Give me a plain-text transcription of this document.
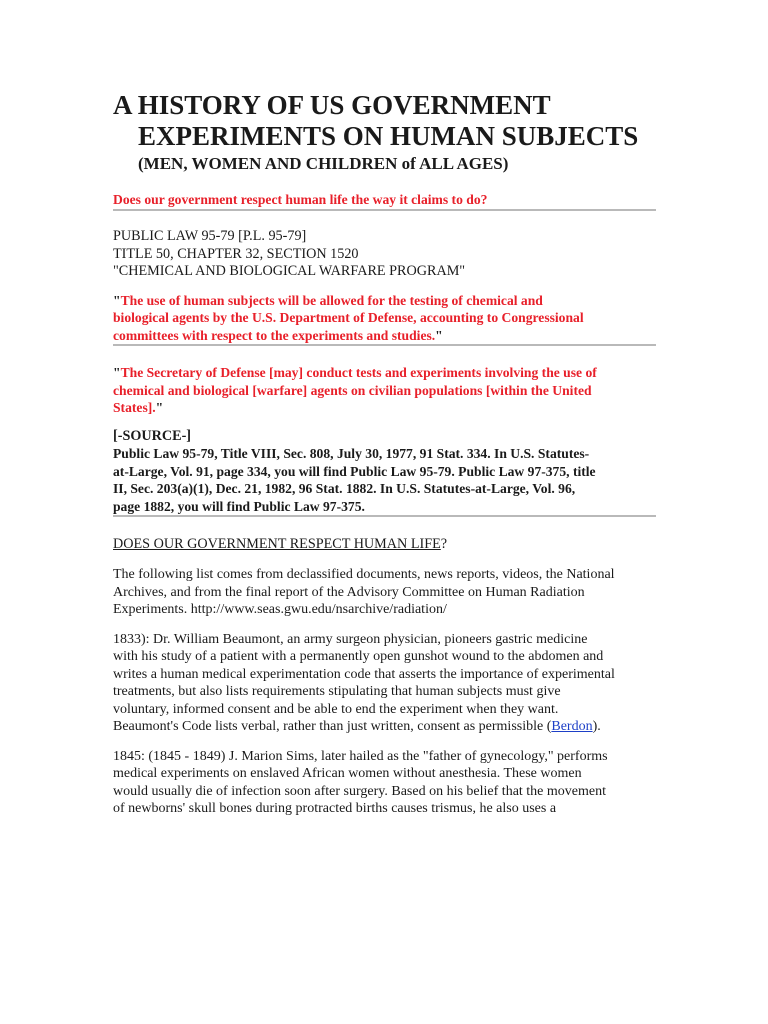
A HISTORY OF US GOVERNMENT
EXPERIMENTS ON HUMAN SUBJECTS
(MEN, WOMEN AND CHILDREN of ALL AGES)
Does our government respect human life the way it claims to do?
PUBLIC LAW 95-79 [P.L. 95-79]
TITLE 50, CHAPTER 32, SECTION 1520
"CHEMICAL AND BIOLOGICAL WARFARE PROGRAM"
"The use of human subjects will be allowed for the testing of chemical and
biological agents by the U.S. Department of Defense, accounting to Congressional
committees with respect to the experiments and studies."
"The Secretary of Defense [may] conduct tests and experiments involving the use of
chemical and biological [warfare] agents on civilian populations [within the United
States]."
[-SOURCE-]
Public Law 95-79, Title VIII, Sec. 808, July 30, 1977, 91 Stat. 334. In U.S. Statutes-
at-Large, Vol. 91, page 334, you will find Public Law 95-79. Public Law 97-375, title
II, Sec. 203(a)(1), Dec. 21, 1982, 96 Stat. 1882. In U.S. Statutes-at-Large, Vol. 96,
page 1882, you will find Public Law 97-375.
DOES OUR GOVERNMENT RESPECT HUMAN LIFE?
The following list comes from declassified documents, news reports, videos, the National
Archives, and from the final report of the Advisory Committee on Human Radiation
Experiments. http://www.seas.gwu.edu/nsarchive/radiation/
1833): Dr. William Beaumont, an army surgeon physician, pioneers gastric medicine
with his study of a patient with a permanently open gunshot wound to the abdomen and
writes a human medical experimentation code that asserts the importance of experimental
treatments, but also lists requirements stipulating that human subjects must give
voluntary, informed consent and be able to end the experiment when they want.
Beaumont's Code lists verbal, rather than just written, consent as permissible (Berdon).
1845: (1845 - 1849) J. Marion Sims, later hailed as the "father of gynecology," performs
medical experiments on enslaved African women without anesthesia. These women
would usually die of infection soon after surgery. Based on his belief that the movement
of newborns' skull bones during protracted births causes trismus, he also uses a
